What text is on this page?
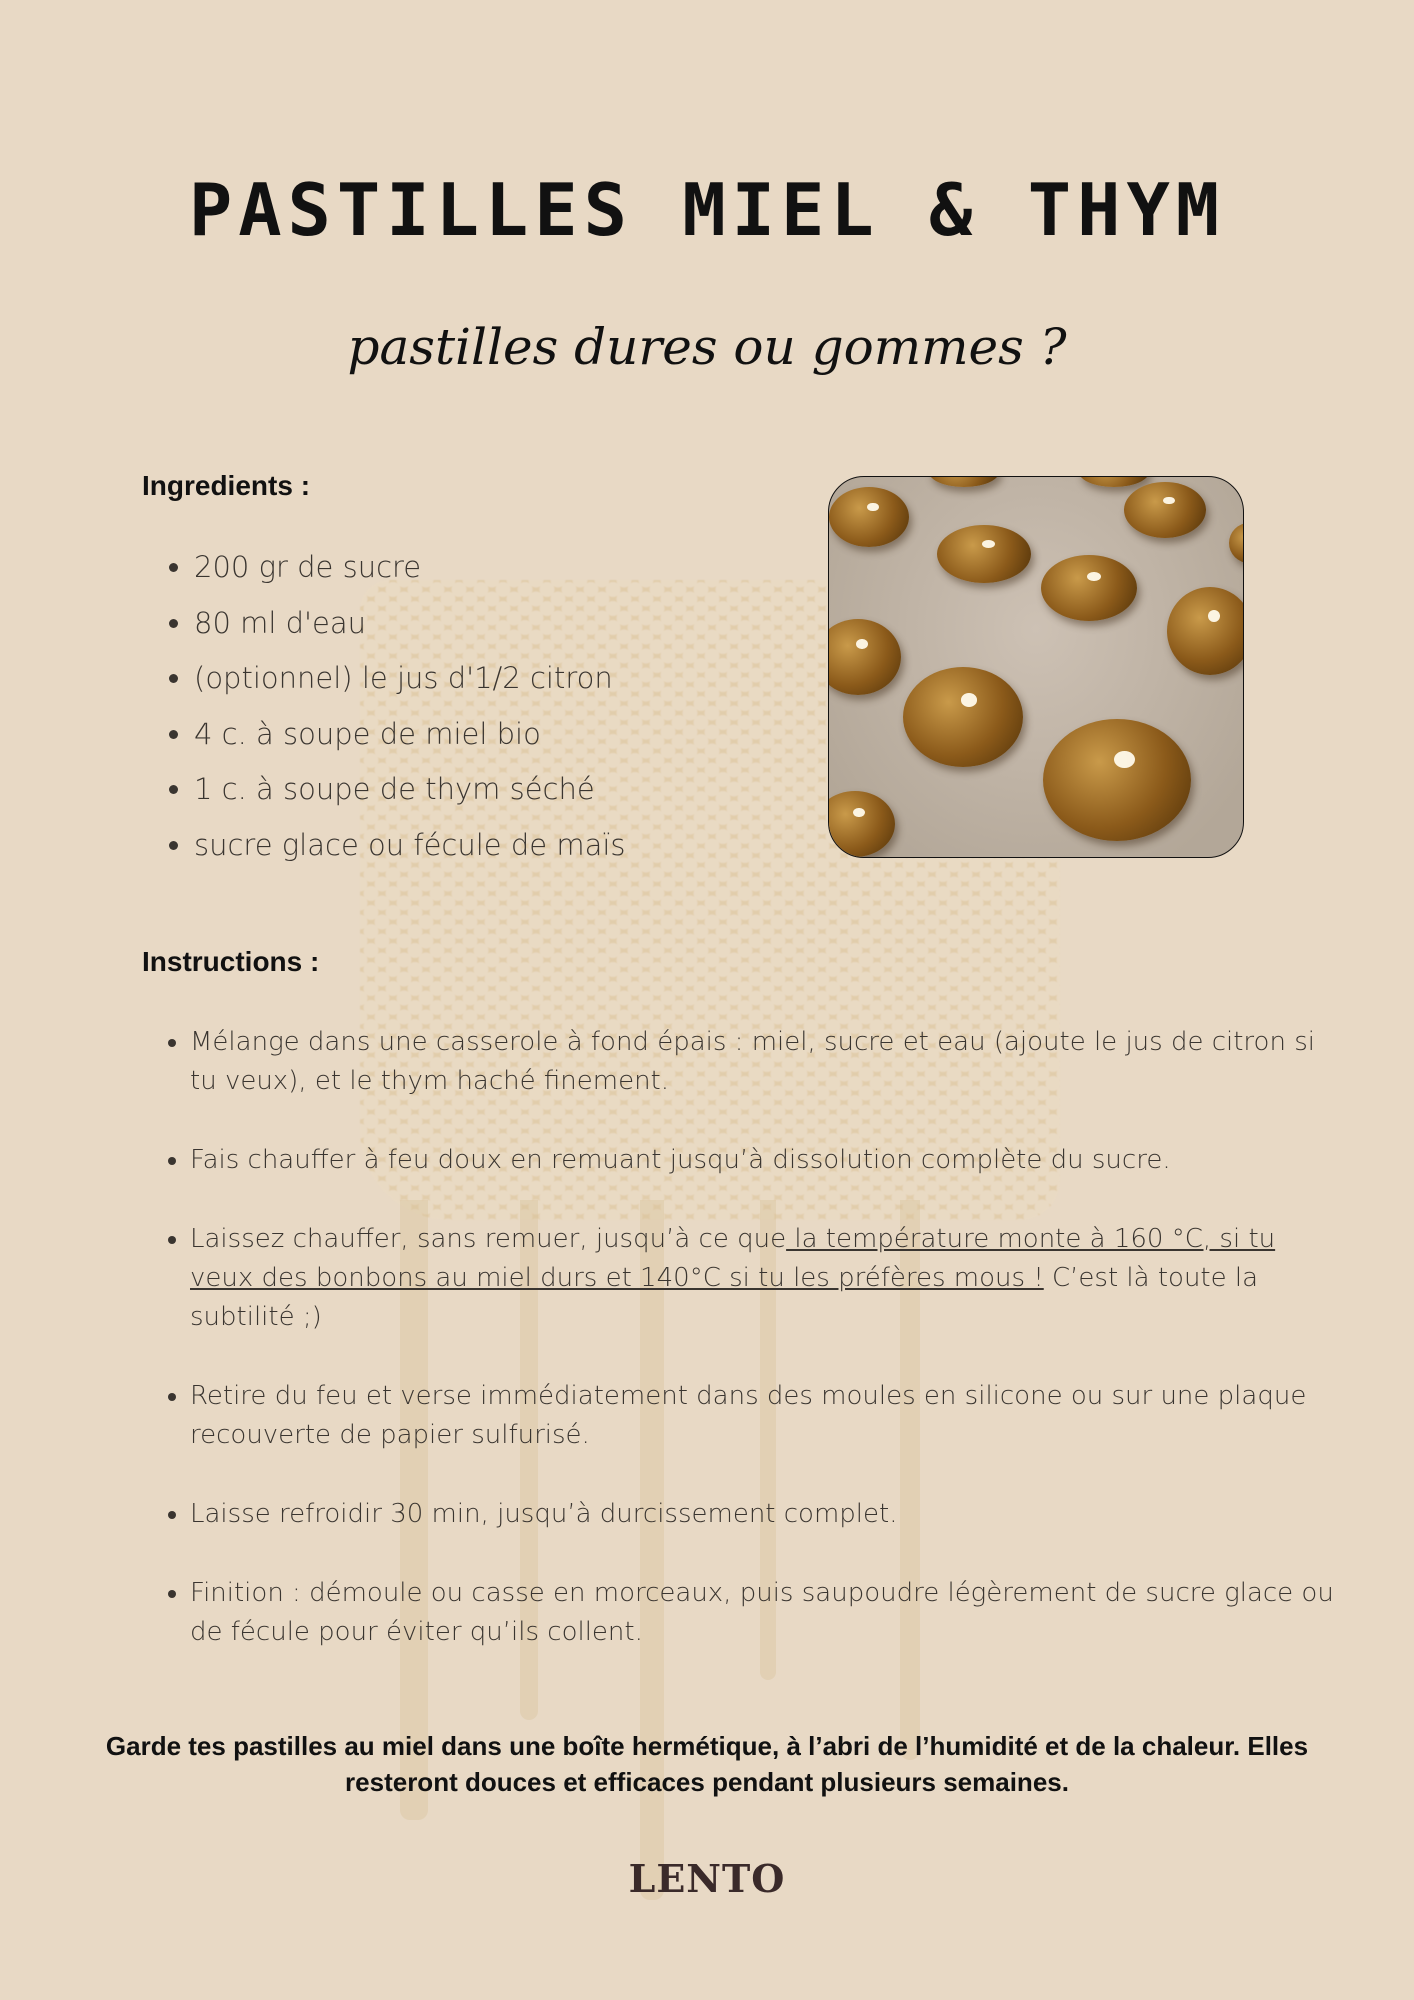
PASTILLES MIEL & THYM

pastilles dures ou gommes ?

Ingredients :
• 200 gr de sucre
• 80 ml d'eau
• (optionnel) le jus d'1/2 citron
• 4 c. à soupe de miel bio
• 1 c. à soupe de thym séché
• sucre glace ou fécule de maïs
Instructions :
• Mélange dans une casserole à fond épais : miel, sucre et eau (ajoute le jus de citron si tu veux), et le thym haché finement.
• Fais chauffer à feu doux en remuant jusqu’à dissolution complète du sucre.
• Laissez chauffer, sans remuer, jusqu’à ce que la température monte à 160 °C, si tu veux des bonbons au miel durs et 140°C si tu les préfères mous ! C’est là toute la subtilité ;)
• Retire du feu et verse immédiatement dans des moules en silicone ou sur une plaque recouverte de papier sulfurisé.
• Laisse refroidir 30 min, jusqu’à durcissement complet.
• Finition : démoule ou casse en morceaux, puis saupoudre légèrement de sucre glace ou de fécule pour éviter qu’ils collent.

Garde tes pastilles au miel dans une boîte hermétique, à l’abri de l’humidité et de la chaleur. Elles resteront douces et efficaces pendant plusieurs semaines.

LENTO
